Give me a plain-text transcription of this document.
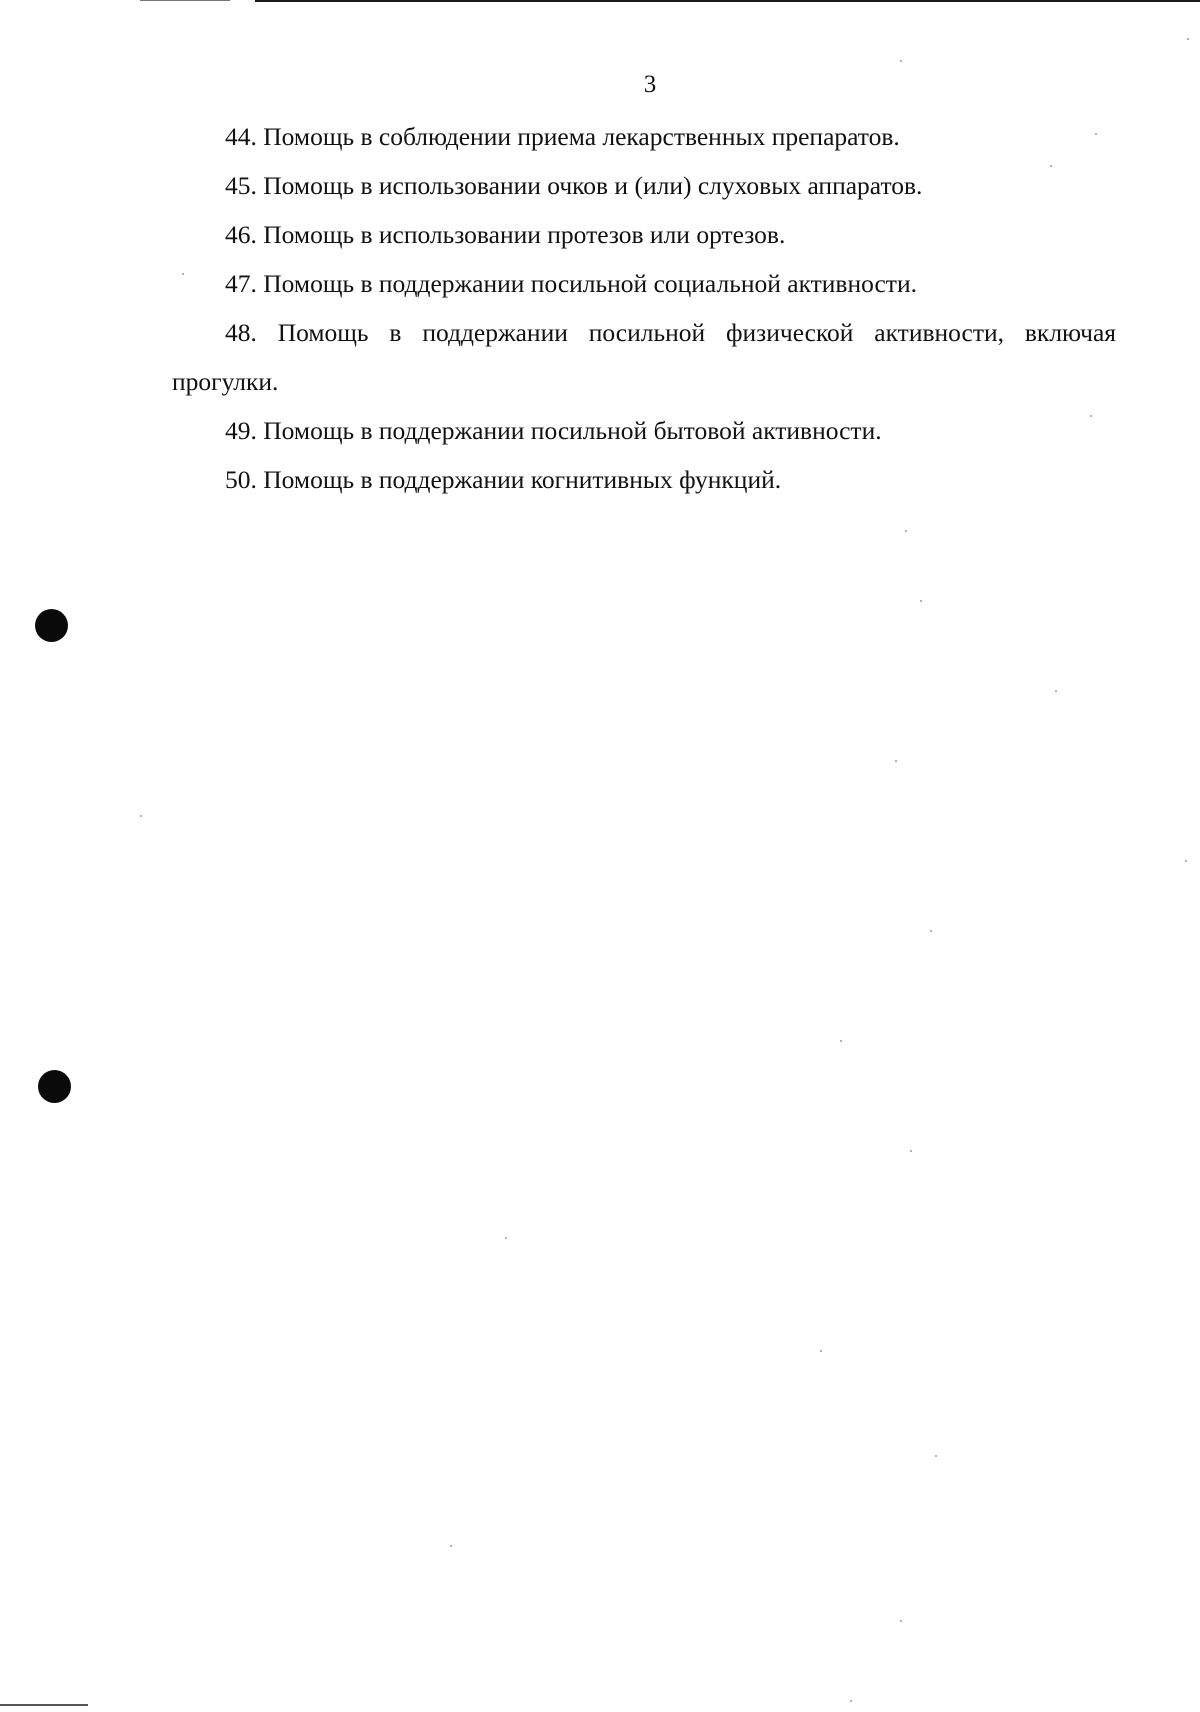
3
44. Помощь в соблюдении приема лекарственных препаратов.
45. Помощь в использовании очков и (или) слуховых аппаратов.
46. Помощь в использовании протезов или ортезов.
47. Помощь в поддержании посильной социальной активности.
48. Помощь в поддержании посильной физической активности, включая прогулки.
49. Помощь в поддержании посильной бытовой активности.
50. Помощь в поддержании когнитивных функций.
